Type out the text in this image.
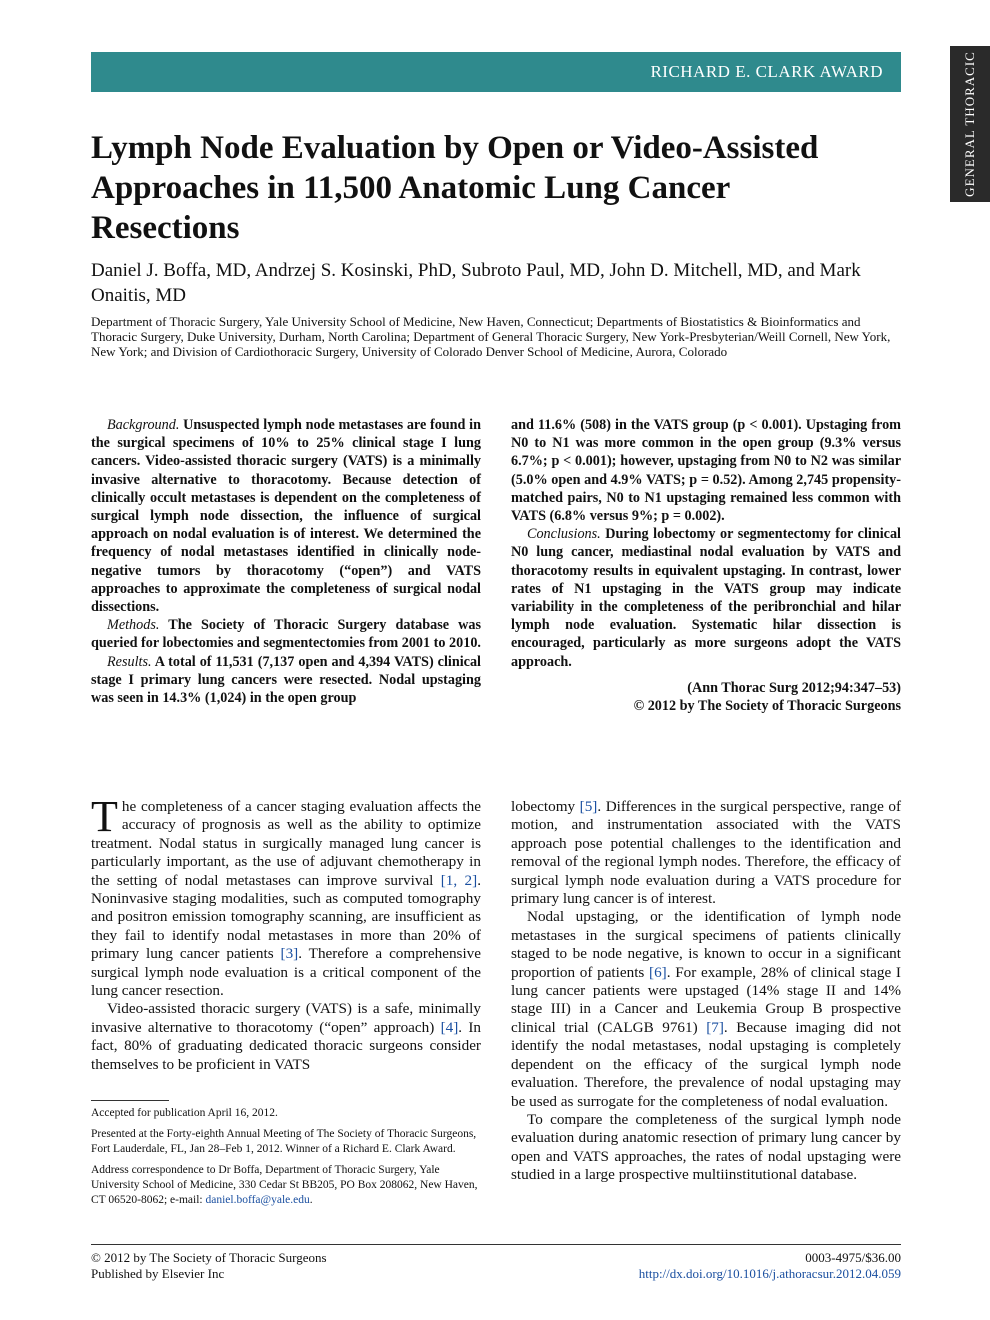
RICHARD E. CLARK AWARD	GENERAL THORACIC
Lymph Node Evaluation by Open or Video-Assisted Approaches in 11,500 Anatomic Lung Cancer Resections
Daniel J. Boffa, MD, Andrzej S. Kosinski, PhD, Subroto Paul, MD, John D. Mitchell, MD, and Mark Onaitis, MD

Department of Thoracic Surgery, Yale University School of Medicine, New Haven, Connecticut; Departments of Biostatistics & Bioinformatics and Thoracic Surgery, Duke University, Durham, North Carolina; Department of General Thoracic Surgery, New York-Presbyterian/Weill Cornell, New York, New York; and Division of Cardiothoracic Surgery, University of Colorado Denver School of Medicine, Aurora, Colorado

Background. Unsuspected lymph node metastases are found in the surgical specimens of 10% to 25% clinical stage I lung cancers. Video-assisted thoracic surgery (VATS) is a minimally invasive alternative to thoracotomy. Because detection of clinically occult metastases is dependent on the completeness of surgical lymph node dissection, the influence of surgical approach on nodal evaluation is of interest. We determined the frequency of nodal metastases identified in clinically node-negative tumors by thoracotomy (“open”) and VATS approaches to approximate the completeness of surgical nodal dissections.

Methods. The Society of Thoracic Surgery database was queried for lobectomies and segmentectomies from 2001 to 2010.

Results. A total of 11,531 (7,137 open and 4,394 VATS) clinical stage I primary lung cancers were resected. Nodal upstaging was seen in 14.3% (1,024) in the open group

and 11.6% (508) in the VATS group (p < 0.001). Upstaging from N0 to N1 was more common in the open group (9.3% versus 6.7%; p < 0.001); however, upstaging from N0 to N2 was similar (5.0% open and 4.9% VATS; p = 0.52). Among 2,745 propensity-matched pairs, N0 to N1 upstaging remained less common with VATS (6.8% versus 9%; p = 0.002).

Conclusions. During lobectomy or segmentectomy for clinical N0 lung cancer, mediastinal nodal evaluation by VATS and thoracotomy results in equivalent upstaging. In contrast, lower rates of N1 upstaging in the VATS group may indicate variability in the completeness of the peribronchial and hilar lymph node evaluation. Systematic hilar dissection is encouraged, particularly as more surgeons adopt the VATS approach.

(Ann Thorac Surg 2012;94:347–53)
© 2012 by The Society of Thoracic Surgeons

The completeness of a cancer staging evaluation affects the accuracy of prognosis as well as the ability to optimize treatment. Nodal status in surgically managed lung cancer is particularly important, as the use of adjuvant chemotherapy in the setting of nodal metastases can improve survival [1, 2]. Noninvasive staging modalities, such as computed tomography and positron emission tomography scanning, are insufficient as they fail to identify nodal metastases in more than 20% of primary lung cancer patients [3]. Therefore a comprehensive surgical lymph node evaluation is a critical component of the lung cancer resection.

Video-assisted thoracic surgery (VATS) is a safe, minimally invasive alternative to thoracotomy (“open” approach) [4]. In fact, 80% of graduating dedicated thoracic surgeons consider themselves to be proficient in VATS

lobectomy [5]. Differences in the surgical perspective, range of motion, and instrumentation associated with the VATS approach pose potential challenges to the identification and removal of the regional lymph nodes. Therefore, the efficacy of surgical lymph node evaluation during a VATS procedure for primary lung cancer is of interest.

Nodal upstaging, or the identification of lymph node metastases in the surgical specimens of patients clinically staged to be node negative, is known to occur in a significant proportion of patients [6]. For example, 28% of clinical stage I lung cancer patients were upstaged (14% stage II and 14% stage III) in a Cancer and Leukemia Group B prospective clinical trial (CALGB 9761) [7]. Because imaging did not identify the nodal metastases, nodal upstaging is completely dependent on the efficacy of the surgical lymph node evaluation. Therefore, the prevalence of nodal upstaging may be used as surrogate for the completeness of nodal evaluation.

To compare the completeness of the surgical lymph node evaluation during anatomic resection of primary lung cancer by open and VATS approaches, the rates of nodal upstaging were studied in a large prospective multiinstitutional database.

Accepted for publication April 16, 2012.

Presented at the Forty-eighth Annual Meeting of The Society of Thoracic Surgeons, Fort Lauderdale, FL, Jan 28–Feb 1, 2012. Winner of a Richard E. Clark Award.

Address correspondence to Dr Boffa, Department of Thoracic Surgery, Yale University School of Medicine, 330 Cedar St BB205, PO Box 208062, New Haven, CT 06520-8062; e-mail: daniel.boffa@yale.edu.

© 2012 by The Society of Thoracic Surgeons
Published by Elsevier Inc
0003-4975/$36.00
http://dx.doi.org/10.1016/j.athoracsur.2012.04.059
